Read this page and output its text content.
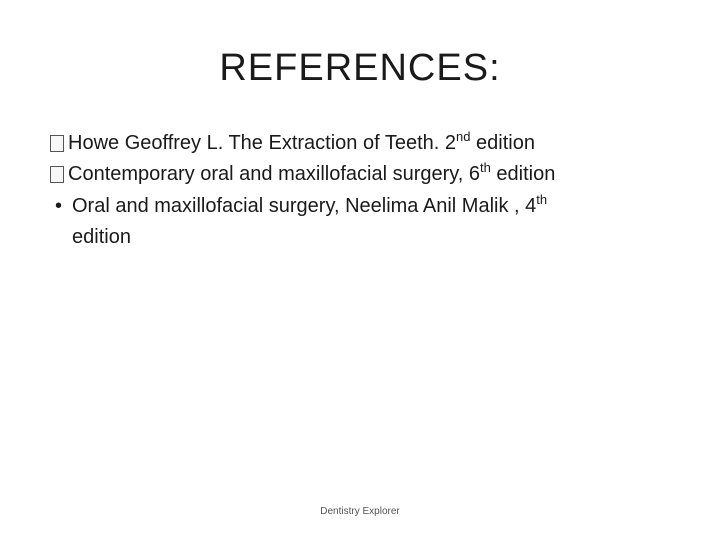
REFERENCES:
Howe Geoffrey L. The Extraction of Teeth. 2nd edition
Contemporary oral and maxillofacial surgery, 6th edition
• Oral and maxillofacial surgery, Neelima Anil Malik , 4th
edition
Dentistry Explorer
